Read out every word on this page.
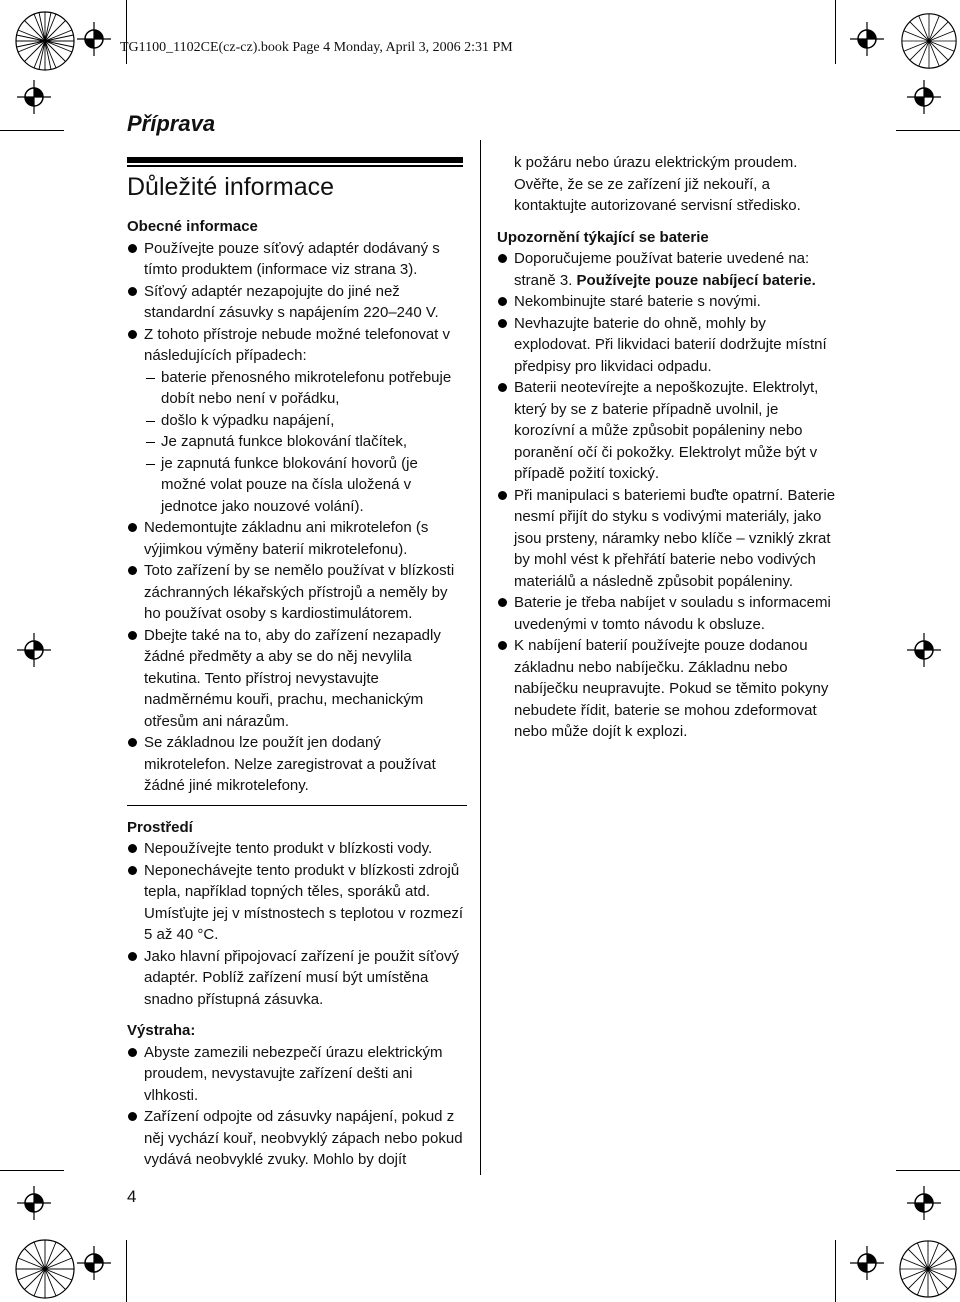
TG1100_1102CE(cz-cz).book Page 4 Monday, April 3, 2006 2:31 PM
Příprava
Důležité informace

Obecné informace

Používejte pouze síťový adaptér dodávaný s tímto produktem (informace viz strana 3).
Síťový adaptér nezapojujte do jiné než standardní zásuvky s napájením 220–240 V.
Z tohoto přístroje nebude možné telefonovat v následujících případech:
baterie přenosného mikrotelefonu potřebuje dobít nebo není v pořádku,
došlo k výpadku napájení,
Je zapnutá funkce blokování tlačítek,
je zapnutá funkce blokování hovorů (je možné volat pouze na čísla uložená v jednotce jako nouzové volání).
Nedemontujte základnu ani mikrotelefon (s výjimkou výměny baterií mikrotelefonu).
Toto zařízení by se nemělo používat v blízkosti záchranných lékařských přístrojů a neměly by ho používat osoby s kardiostimulátorem.
Dbejte také na to, aby do zařízení nezapadly žádné předměty a aby se do něj nevylila tekutina. Tento přístroj nevystavujte nadměrnému kouři, prachu, mechanickým otřesům ani nárazům.
Se základnou lze použít jen dodaný mikrotelefon. Nelze zaregistrovat a používat žádné jiné mikrotelefony.

Prostředí

Nepoužívejte tento produkt v blízkosti vody.
Neponechávejte tento produkt v blízkosti zdrojů tepla, například topných těles, sporáků atd. Umísťujte jej v místnostech s teplotou v rozmezí 5 až 40 °C.
Jako hlavní připojovací zařízení je použit síťový adaptér. Poblíž zařízení musí být umístěna snadno přístupná zásuvka.

Výstraha:

Abyste zamezili nebezpečí úrazu elektrickým proudem, nevystavujte zařízení dešti ani vlhkosti.
Zařízení odpojte od zásuvky napájení, pokud z něj vychází kouř, neobvyklý zápach nebo pokud vydává neobvyklé zvuky. Mohlo by dojít
k požáru nebo úrazu elektrickým proudem. Ověřte, že se ze zařízení již nekouří, a kontaktujte autorizované servisní středisko.

Upozornění týkající se baterie

Doporučujeme používat baterie uvedené na: straně 3. Používejte pouze nabíjecí baterie.
Nekombinujte staré baterie s novými.
Nevhazujte baterie do ohně, mohly by explodovat. Při likvidaci baterií dodržujte místní předpisy pro likvidaci odpadu.
Baterii neotevírejte a nepoškozujte. Elektrolyt, který by se z baterie případně uvolnil, je korozívní a může způsobit popáleniny nebo poranění očí či pokožky. Elektrolyt může být v případě požití toxický.
Při manipulaci s bateriemi buďte opatrní. Baterie nesmí přijít do styku s vodivými materiály, jako jsou prsteny, náramky nebo klíče – vzniklý zkrat by mohl vést k přehřátí baterie nebo vodivých materiálů a následně způsobit popáleniny.
Baterie je třeba nabíjet v souladu s informacemi uvedenými v tomto návodu k obsluze.
K nabíjení baterií používejte pouze dodanou základnu nebo nabíječku. Základnu nebo nabíječku neupravujte. Pokud se těmito pokyny nebudete řídit, baterie se mohou zdeformovat nebo může dojít k explozi.
4
